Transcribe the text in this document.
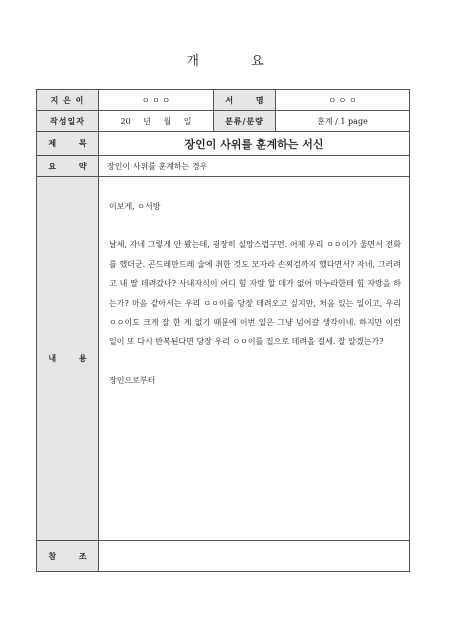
개 요
지 은 이	ㅇ ㅇ ㅇ	서 명	ㅇ ㅇ ㅇ
작성일자	20 년 월 일	분류/분량	훈계 / 1 page
제 목	장인이 사위를 훈계하는 서신		
요 약	장인이 사위를 훈계하는 경우		
내 용	이보게, ㅇ서방

날세, 자네 그렇게 안 봤는데, 굉장히 실망스럽구먼. 어제 우리 ㅇㅇ이가 울면서 전화를 했더군. 곤드레만드레 술에 취한 것도 모자라 손찌검까지 했다면서? 자네, 그러려고 내 딸 데려갔나? 사내자식이 어디 힘 자랑 할 데가 없어 마누라한테 힘 자랑을 하는가? 마음 같아서는 우리 ㅇㅇ이를 당장 데려오고 싶지만, 처음 있는 일이고, 우리 ㅇㅇ이도 크게 잘 한 게 없기 때문에 이번 일은 그냥 넘어갈 생각이네. 하지만 이런 일이 또 다시 반복된다면 당장 우리 ㅇㅇ이를 집으로 데려올 걸세. 잘 알겠는가?

장인으로부터		

참 조			
